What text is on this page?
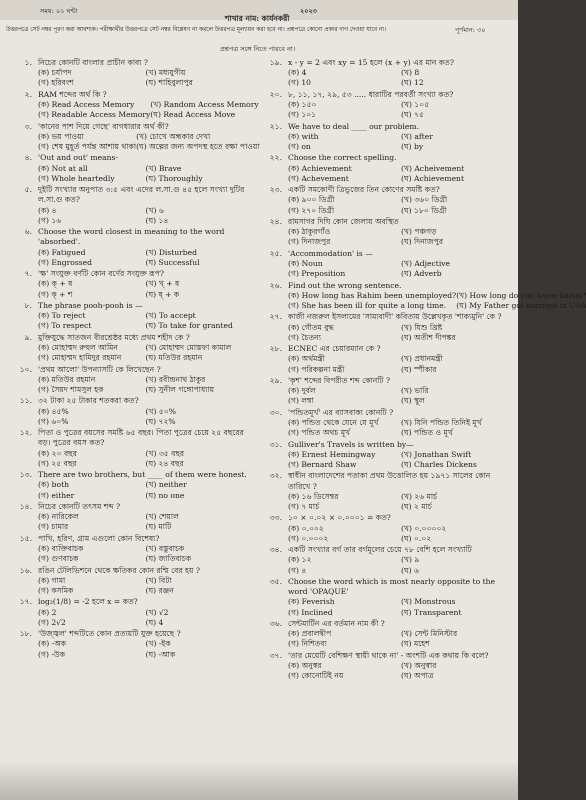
সময়: ০১ ঘন্টা	২০২৩
শাখার নাম: কার্যনকরী
পূর্ণমান: ৩০
উত্তরপত্রে সেট নম্বর পূরণ করা আবশ্যক। পরীক্ষার্থীর উত্তরপত্রে সেট নম্বর বিশ্লেষণ না করলে উত্তরপত্র মূল্যায়ন করা হবে না। প্রশ্নপত্রে কোনো প্রকার দাগ দেওয়া যাবে না।
প্রশ্নপত্র সঙ্গে নিতে পারবে না।
১. নিচের কোনটি বাংলার প্রাচীন কাব্য ?
(ক) চর্যাপদ	(খ) মধ্যযুগীয়
(গ) হরিবংশ	(ঘ) শাহিবুলাপুর
২. RAM শব্দের অর্থ কি ?
(ক) Read Access Memory	(খ) Random Access Memory
(গ) Readable Access Memory (ঘ) Read Access Move
৩. 'কানের পাশ দিয়ে গেছে' বাগধারার অর্থ কী?
(ক) ভয় পাওয়া	(খ) চোখে অন্ধকার দেখা
(গ) শেষ মুহূর্ত পর্যন্ত আশায় থাকা (ঘ) অল্পের জন্য অপদস্থ হতে রক্ষা পাওয়া
৪. 'Out and out' means-
(ক) Not at all	(খ) Brave
(গ) Whole heartedly	(ঘ) Thoroughly
৫. দুইটি সংখ্যার অনুপাত ৩:৫ এবং এদের ল.সা.গু ৪৫ হলে সংখ্যা দুটির ল.সা.গু কত?
(ক) ৪	(খ) ৬
(গ) ১৬	(ঘ) ১৪
৬. Choose the word closest in meaning to the word 'absorbed'.
(ক) Fatigued	(খ) Disturbed
(গ) Engrossed	(ঘ) Successful
৭. 'ক্ষ' সংযুক্ত বর্ণটি কোন বর্ণের সংযুক্ত রূপ?
(ক) ক্ + ষ	(খ) খ্ + ষ
(গ) ক্ + শ	(ঘ) ষ্ + ক
৮. The phrase pooh-pooh is —
(ক) To reject	(খ) To accept
(গ) To respect	(ঘ) To take for granted
৯. মুক্তিযুদ্ধে সাতজন বীরশ্রেষ্ঠর মধ্যে প্রথম শহীদ কে ?
(ক) মোহাম্মদ রুহুল আমিন	(খ) মোহাম্মদ মোস্তফা কামাল
(গ) মোহাম্মদ হামিদুর রহমান	(ঘ) মতিউর রহমান
১০. 'প্রথম আলো' উপন্যাসটি কে লিখেছেন ?
(ক) মতিউর রহমান	(খ) রবীন্দ্রনাথ ঠাকুর
(গ) সৈয়দ শামসুল হক	(ঘ) সুনীল গঙ্গোপাধ্যায়
১১. ৩২ টাকা ২৫ টাকার শতকরা কত?
(ক) ৪৫%	(খ) ৫০%
(গ) ৬০%	(ঘ) ৭২%
১২. পিতা ও পুত্রের বয়সের সমষ্টি ৬৫ বছর। পিতা পুত্রের চেয়ে ২৫ বছরের বড়। পুত্রের বয়স কত?
(ক) ২০ বছর	(খ) ৩৫ বছর
(গ) ২৫ বছর	(ঘ) ২৪ বছর
১৩. There are two brothers, but ____ of them were honest.
(ক) both	(খ) neither
(গ) either	(ঘ) no one
১৪. নিচের কোনটি তৎসম শব্দ ?
(ক) নারিকেল	(খ) শেয়াল
(গ) চামার	(ঘ) মাটি
১৫. পাখি, হরিণ, গ্রাম এগুলো কোন বিশেষ্য?
(ক) ব্যক্তিবাচক	(খ) বস্তুবাচক
(গ) গুণবাচক	(ঘ) জাতিবাচক
১৬. রঙিন টেলিভিশনে থেকে ক্ষতিকর কোন রশ্মি বের হয় ?
(ক) গামা	(খ) বিটা
(গ) কসমিক	(ঘ) রঞ্জন
১৭. log₂(1/8) = -2 হলে x = কত?
(ক) 2	(খ) √2
(গ) 2√2	(ঘ) 4
১৮. 'উজ্জ্বল' শব্দটিতে কোন প্রত্যয়টি যুক্ত হয়েছে ?
(ক) -অক	(খ) -ইক
(গ) -উক	(ঘ) -আক
১৯. x - y = 2 এবং xy = 15 হলে (x + y) এর মান কত?
(ক) 4	(খ) 8
(গ) 10	(ঘ) 12
২০. ৮, ১১, ১৭, ২৯, ৫৩ ..... ধারাটির পরবর্তী সংখ্যা কত?
(ক) ১৫০	(খ) ১০৫
(গ) ১০১	(ঘ) ৭৫
২১. We have to deal ____ our problem.
(ক) with	(খ) after
(গ) on	(ঘ) by
২২. Choose the correct spelling.
(ক) Achievement	(খ) Acheivement
(গ) Achevement	(ঘ) Achievement
২৩. একটি সমকোণী ত্রিভুজের তিন কোণের সমষ্টি কত?
(ক) ৯০০ ডিগ্রী	(খ) ৩৬০ ডিগ্রী
(গ) ২৭০ ডিগ্রী	(ঘ) ১৮০ ডিগ্রী
২৪. রামসাগর দিঘি কোন জেলায় অবস্থিত
(ক) ঠাকুরগাঁও	(খ) পঞ্চগড়
(গ) দিনাজপুর	(ঘ) দিনাজপুর
২৫. 'Accommodation' is —
(ক) Noun	(খ) Adjective
(গ) Preposition	(ঘ) Adverb
২৬. Find out the wrong sentence.
(ক) How long has Rahim been unemployed? (খ) How long do you know karim?
(গ) She has been ill for quite a long time.	(ঘ) My Father got married in USA
২৭. কাজী নজরুল ইসলামের 'সাম্যবাদী' কবিতায় উল্লেখকৃত 'শাক্যমুনি' কে ?
(ক) গৌতম বুদ্ধ	(খ) যিশু খ্রিষ্ট
(গ) চৈতন্য	(ঘ) অতীশ দীপঙ্কর
২৮. ECNEC এর চেয়ারম্যান কে ?
(ক) অর্থমন্ত্রী	(খ) প্রধানমন্ত্রী
(গ) পরিকল্পনা মন্ত্রী	(ঘ) স্পীকার
২৯. 'কৃশ' শব্দের বিপরীত শব্দ কোনটি ?
(ক) দুর্বল	(খ) ভারি
(গ) লম্বা	(ঘ) স্থূল
৩০. 'পন্ডিতমূর্খ' এর ব্যাসবাক্য কোনটি ?
(ক) পন্ডিত থেকে যেনে যে মূর্খ	(খ) যিনি পন্ডিত তিনিই মূর্খ
(গ) পন্ডিত অথচ মূর্খ	(ঘ) পন্ডিত ও মূর্খ
৩১. Gulliver's Travels is written by—
(ক) Ernest Hemingway	(খ) Jonathan Swift
(গ) Bernard Shaw	(ঘ) Charles Dickens
৩২. স্বাধীন বাংলাদেশের পতাকা প্রথম উত্তোলিত হয় ১৯৭১ সালের কোন তারিখে ?
(ক) ১৬ ডিসেম্বর	(খ) ২৬ মার্চ
(গ) ৭ মার্চ	(ঘ) ২ মার্চ
৩৩. ১০ × ০.০২ × ০.০০০১ = কত?
(ক) ০.০০২	(খ) ০.০০০০২
(গ) ০.০০০২	(ঘ) ০.০২
৩৪. একটি সংখ্যার বর্গ তার বর্গমূলের চেয়ে ৭৮ বেশি হলে সংখ্যাটি
(ক) ১২	(খ) ৯
(গ) ৪	(ঘ) ৬
৩৫. Choose the word which is most nearly opposite to the word 'OPAQUE'
(ক) Feverish	(খ) Monstrous
(গ) Inclined	(ঘ) Transparent
৩৬. সেন্টমার্টিন এর বর্তমান নাম কী ?
(ক) প্রবালদ্বীপ	(খ) সেন্ট মিনিস্টার
(গ) নিশিতব্য	(ঘ) মহেশ
৩৭. 'তার মেয়েটি বেশিক্ষণ স্থায়ী থাকে না' - অংশটি এক কথায় কি বলে?
(ক) অনুস্বর	(খ) অনুস্বার
(গ) কোনোটিই নয়	(ঘ) অপাত্র
